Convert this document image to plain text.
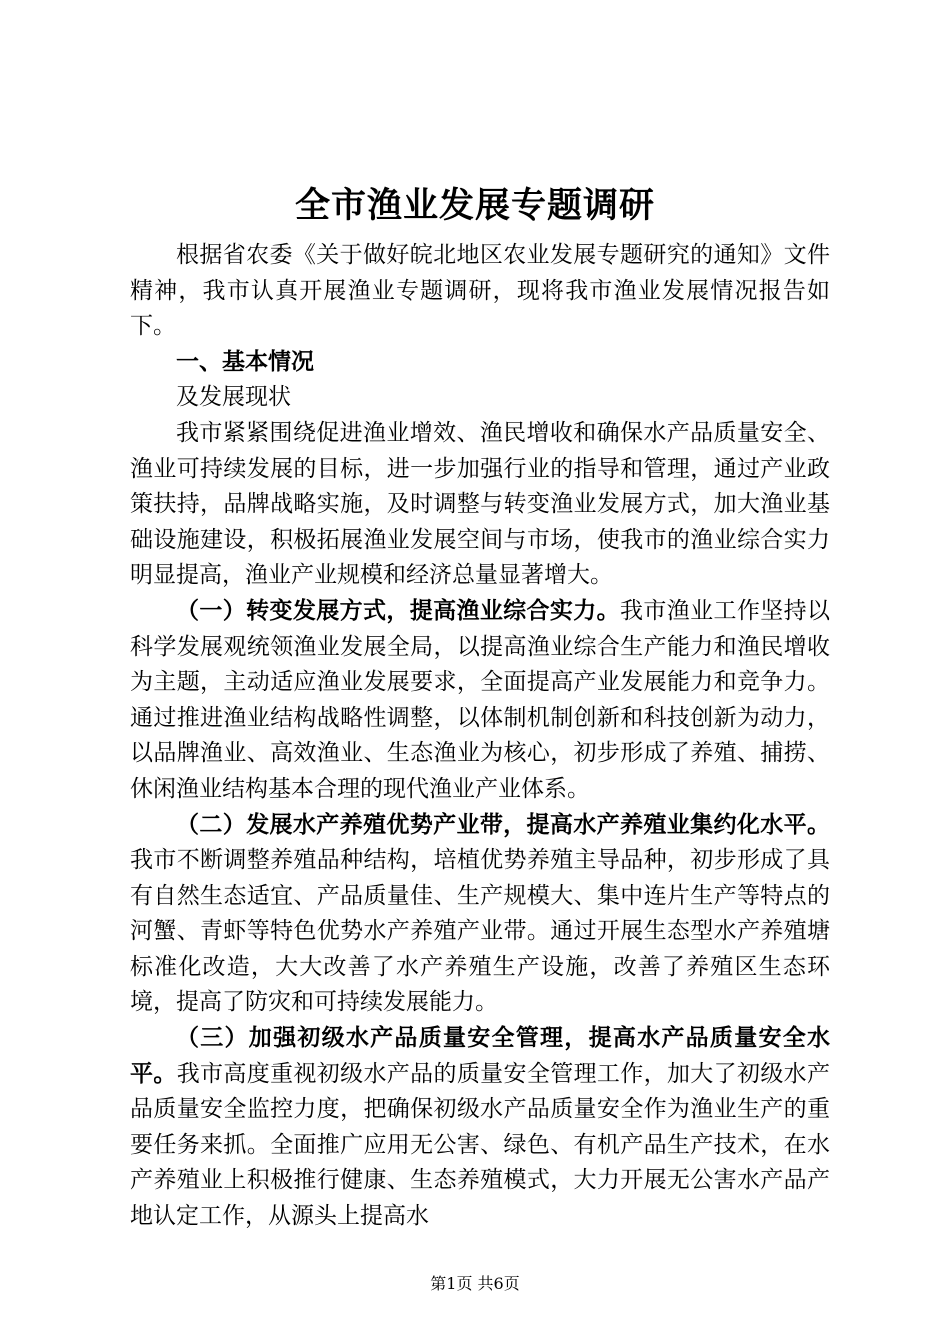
全市渔业发展专题调研

根据省农委《关于做好皖北地区农业发展专题研究的通知》文件精神，我市认真开展渔业专题调研，现将我市渔业发展情况报告如下。

一、基本情况

及发展现状

我市紧紧围绕促进渔业增效、渔民增收和确保水产品质量安全、渔业可持续发展的目标，进一步加强行业的指导和管理，通过产业政策扶持，品牌战略实施，及时调整与转变渔业发展方式，加大渔业基础设施建设，积极拓展渔业发展空间与市场，使我市的渔业综合实力明显提高，渔业产业规模和经济总量显著增大。

（一）转变发展方式，提高渔业综合实力。我市渔业工作坚持以科学发展观统领渔业发展全局，以提高渔业综合生产能力和渔民增收为主题，主动适应渔业发展要求，全面提高产业发展能力和竞争力。通过推进渔业结构战略性调整，以体制机制创新和科技创新为动力，以品牌渔业、高效渔业、生态渔业为核心，初步形成了养殖、捕捞、休闲渔业结构基本合理的现代渔业产业体系。

（二）发展水产养殖优势产业带，提高水产养殖业集约化水平。我市不断调整养殖品种结构，培植优势养殖主导品种，初步形成了具有自然生态适宜、产品质量佳、生产规模大、集中连片生产等特点的河蟹、青虾等特色优势水产养殖产业带。通过开展生态型水产养殖塘标准化改造，大大改善了水产养殖生产设施，改善了养殖区生态环境，提高了防灾和可持续发展能力。

（三）加强初级水产品质量安全管理，提高水产品质量安全水平。我市高度重视初级水产品的质量安全管理工作，加大了初级水产品质量安全监控力度，把确保初级水产品质量安全作为渔业生产的重要任务来抓。全面推广应用无公害、绿色、有机产品生产技术，在水产养殖业上积极推行健康、生态养殖模式，大力开展无公害水产品产地认定工作，从源头上提高水

第1页 共6页
